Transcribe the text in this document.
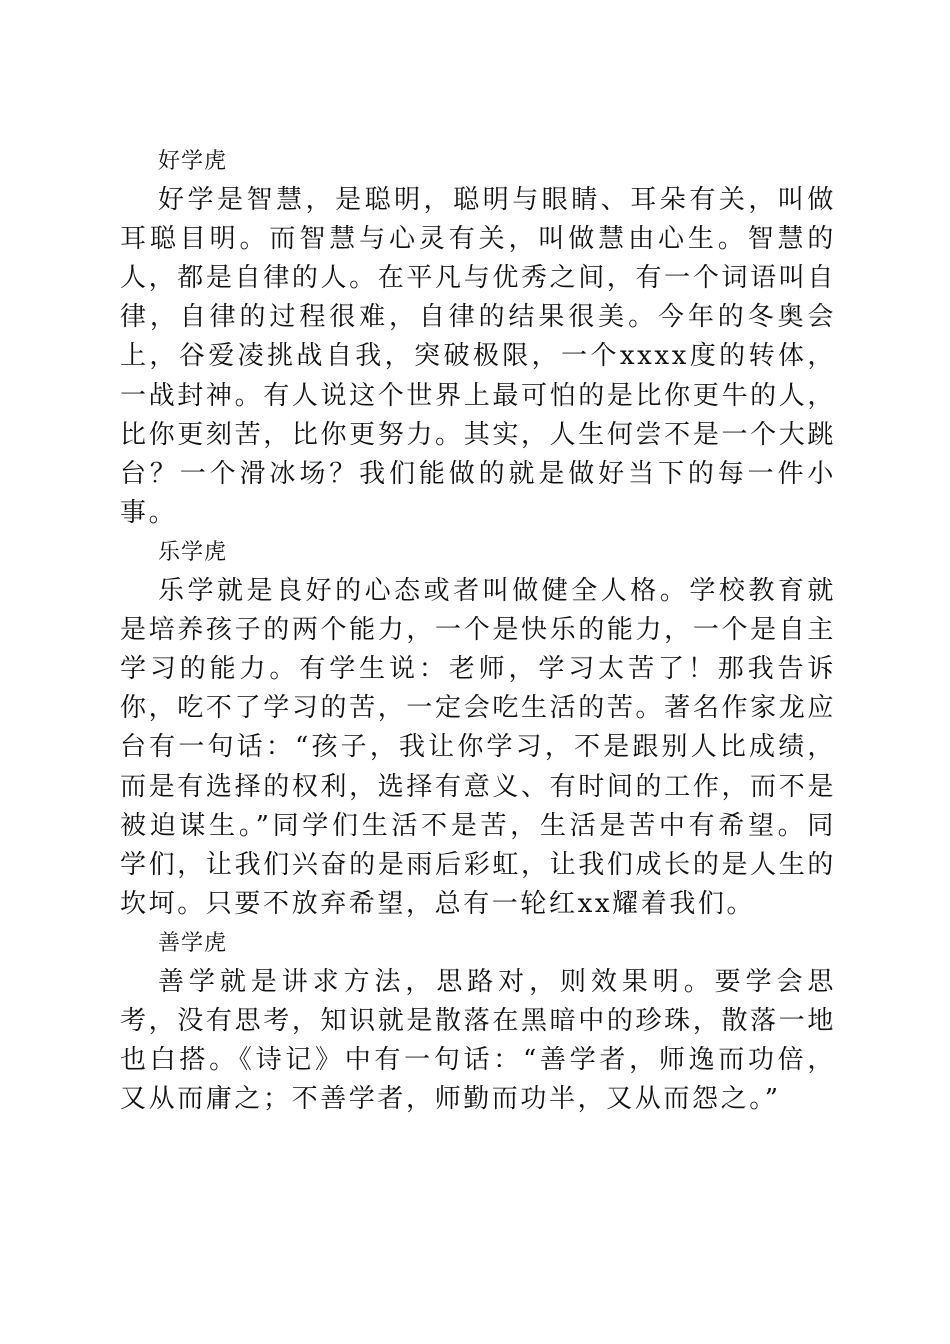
好学虎

好学是智慧，是聪明，聪明与眼睛、耳朵有关，叫做耳聪目明。而智慧与心灵有关，叫做慧由心生。智慧的人，都是自律的人。在平凡与优秀之间，有一个词语叫自律，自律的过程很难，自律的结果很美。今年的冬奥会上，谷爱凌挑战自我，突破极限，一个xxxx度的转体，一战封神。有人说这个世界上最可怕的是比你更牛的人，比你更刻苦，比你更努力。其实，人生何尝不是一个大跳台？一个滑冰场？我们能做的就是做好当下的每一件小事。

乐学虎

乐学就是良好的心态或者叫做健全人格。学校教育就是培养孩子的两个能力，一个是快乐的能力，一个是自主学习的能力。有学生说：老师，学习太苦了！那我告诉你，吃不了学习的苦，一定会吃生活的苦。著名作家龙应台有一句话：“孩子，我让你学习，不是跟别人比成绩，而是有选择的权利，选择有意义、有时间的工作，而不是被迫谋生。”同学们生活不是苦，生活是苦中有希望。同学们，让我们兴奋的是雨后彩虹，让我们成长的是人生的坎坷。只要不放弃希望，总有一轮红xx耀着我们。

善学虎

善学就是讲求方法，思路对，则效果明。要学会思考，没有思考，知识就是散落在黑暗中的珍珠，散落一地也白搭。《诗记》中有一句话：“善学者，师逸而功倍，又从而庸之；不善学者，师勤而功半，又从而怨之。”
